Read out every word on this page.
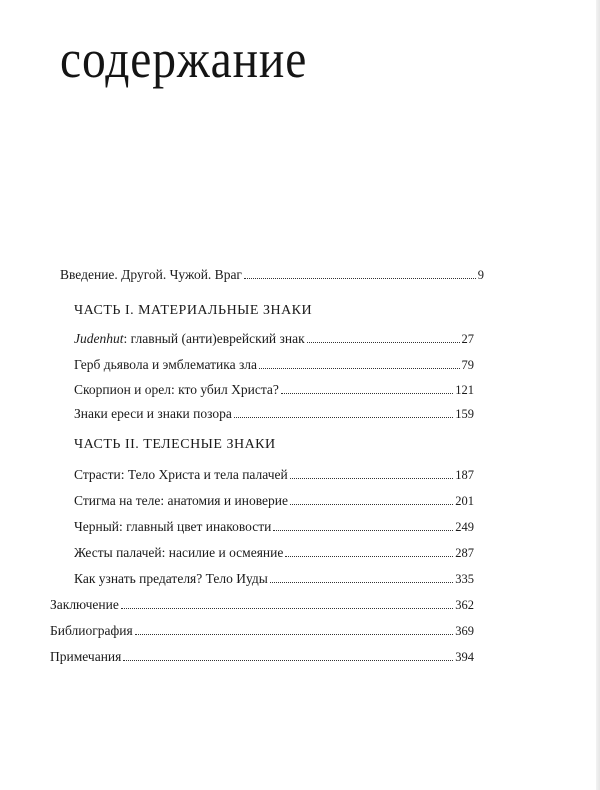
содержание
Введение. Другой. Чужой. Враг	9
ЧАСТЬ I. МАТЕРИАЛЬНЫЕ ЗНАКИ
Judenhut: главный (анти)еврейский знак	27
Герб дьявола и эмблематика зла	79
Скорпион и орел: кто убил Христа?	121
Знаки ереси и знаки позора	159
ЧАСТЬ II. ТЕЛЕСНЫЕ ЗНАКИ
Страсти: Тело Христа и тела палачей	187
Стигма на теле: анатомия и иноверие	201
Черный: главный цвет инаковости	249
Жесты палачей: насилие и осмеяние	287
Как узнать предателя? Тело Иуды	335
Заключение	362
Библиография	369
Примечания	394
